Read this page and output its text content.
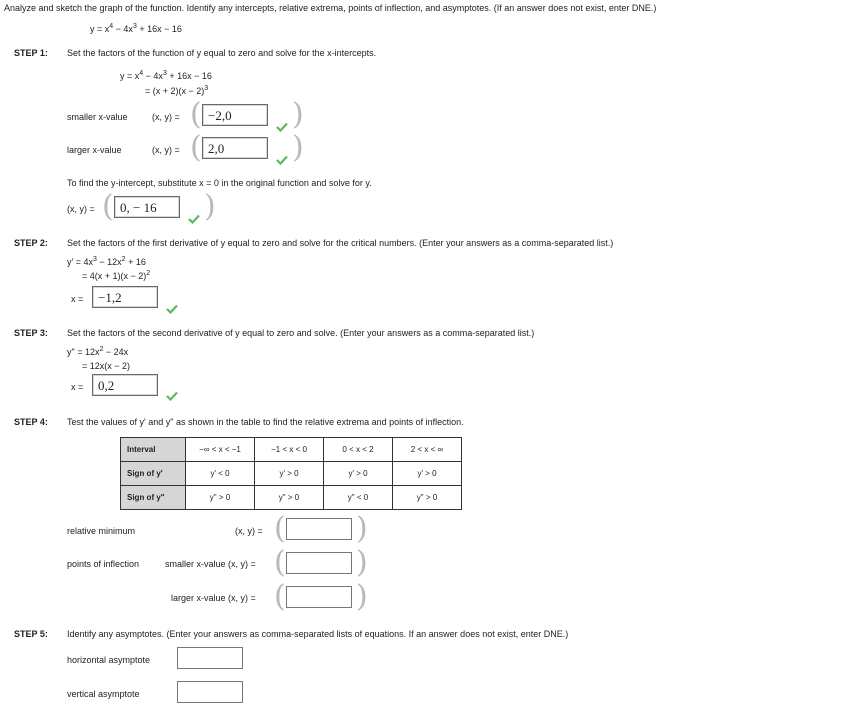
Analyze and sketch the graph of the function. Identify any intercepts, relative extrema, points of inflection, and asymptotes. (If an answer does not exist, enter DNE.)
$y = x^4 - 4x^3 + 16x - 16$
STEP 1: Set the factors of the function of y equal to zero and solve for the x-intercepts.
$y = x^4 - 4x^3 + 16x - 16$
= $(x + 2)(x - 2)^3$
smaller x-value	(x, y) = ( −2,0	)
larger x-value	(x, y) = ( 2,0	)
To find the y-intercept, substitute x = 0 in the original function and solve for y.
(x, y) = ( 0, − 16	)
STEP 2: Set the factors of the first derivative of y equal to zero and solve for the critical numbers. (Enter your answers as a comma-separated list.)
$y' = 4x^3 - 12x^2 + 16$
= $4(x + 1)(x - 2)^2$
x =	−1,2
STEP 3: Set the factors of the second derivative of y equal to zero and solve. (Enter your answers as a comma-separated list.)
y" = $12x^2 - 24x$
= 12x(x − 2)
x =	0,2
STEP 4: Test the values of y' and y" as shown in the table to find the relative extrema and points of inflection.
Interval	−∞ < x < −1	−1 < x < 0	0 < x < 2	2 < x < ∞
Sign of y'	y' < 0	y' > 0	y' > 0	y' > 0
Sign of y"	y" > 0	y" > 0	y" < 0	y" > 0
relative minimum	(x, y) = ( )
points of inflection	smaller x-value (x, y) = ( )
larger x-value (x, y) = ( )
STEP 5: Identify any asymptotes. (Enter your answers as comma-separated lists of equations. If an answer does not exist, enter DNE.)
horizontal asymptote
vertical asymptote
